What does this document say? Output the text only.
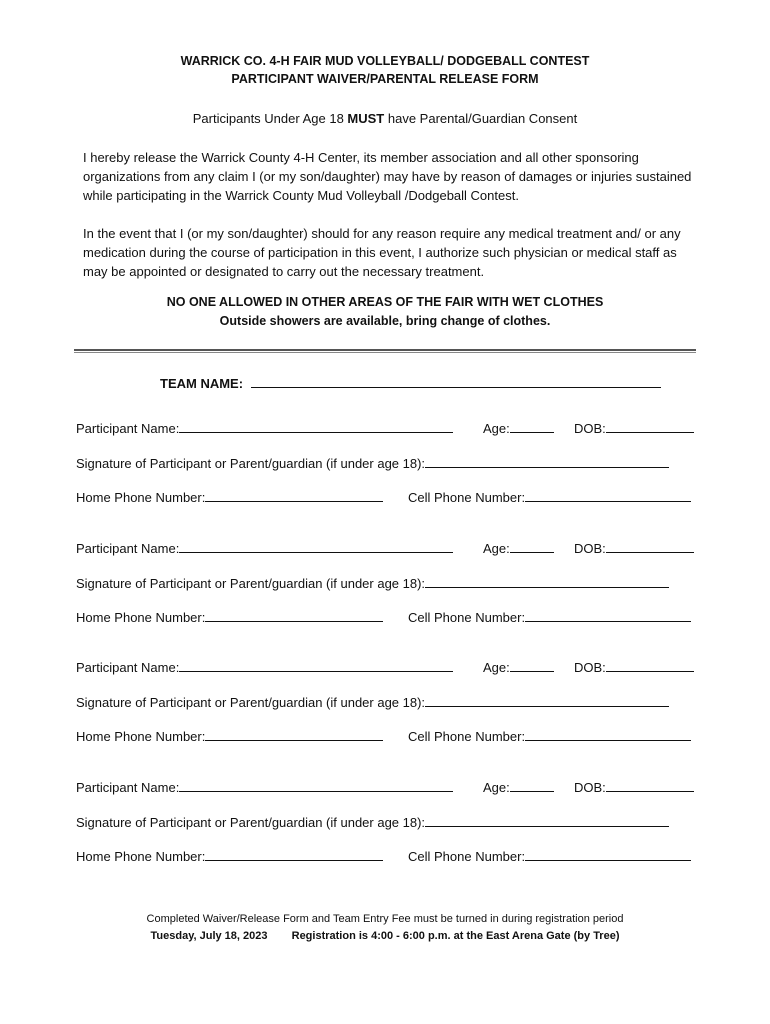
WARRICK CO. 4-H FAIR MUD VOLLEYBALL/ DODGEBALL CONTEST
PARTICIPANT WAIVER/PARENTAL RELEASE FORM
Participants Under Age 18 MUST have Parental/Guardian Consent
I hereby release the Warrick County 4-H Center, its member association and all other sponsoring organizations from any claim I (or my son/daughter) may have by reason of damages or injuries sustained while participating in the Warrick County Mud Volleyball /Dodgeball Contest.
In the event that I (or my son/daughter) should for any reason require any medical treatment and/ or any medication during the course of participation in this event, I authorize such physician or medical staff as may be appointed or designated to carry out the necessary treatment.
NO ONE ALLOWED IN OTHER AREAS OF THE FAIR WITH WET CLOTHES
Outside showers are available, bring change of clothes.
TEAM NAME:
Participant Name:	Age:	DOB:
Signature of Participant or Parent/guardian (if under age 18):
Home Phone Number:	Cell Phone Number:
Participant Name:	Age:	DOB:
Signature of Participant or Parent/guardian (if under age 18):
Home Phone Number:	Cell Phone Number:
Participant Name:	Age:	DOB:
Signature of Participant or Parent/guardian (if under age 18):
Home Phone Number:	Cell Phone Number:
Participant Name:	Age:	DOB:
Signature of Participant or Parent/guardian (if under age 18):
Home Phone Number:	Cell Phone Number:
Completed Waiver/Release Form and Team Entry Fee must be turned in during registration period
Tuesday, July 18, 2023 Registration is 4:00 - 6:00 p.m. at the East Arena Gate (by Tree)
